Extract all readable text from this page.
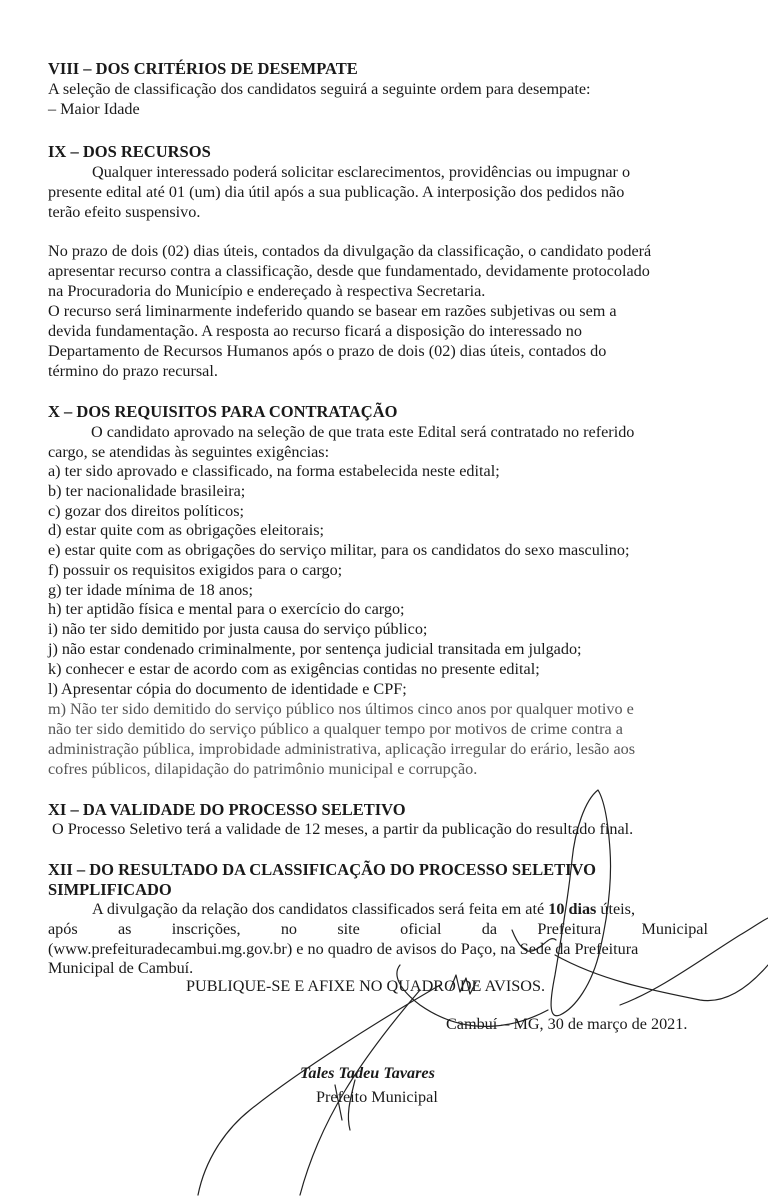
VIII – DOS CRITÉRIOS DE DESEMPATE
A seleção de classificação dos candidatos seguirá a seguinte ordem para desempate:
– Maior Idade
IX – DOS RECURSOS
Qualquer interessado poderá solicitar esclarecimentos, providências ou impugnar o
presente edital até 01 (um) dia útil após a sua publicação. A interposição dos pedidos não
terão efeito suspensivo.
No prazo de dois (02) dias úteis, contados da divulgação da classificação, o candidato poderá
apresentar recurso contra a classificação, desde que fundamentado, devidamente protocolado
na Procuradoria do Município e endereçado à respectiva Secretaria.
O recurso será liminarmente indeferido quando se basear em razões subjetivas ou sem a
devida fundamentação. A resposta ao recurso ficará a disposição do interessado no
Departamento de Recursos Humanos após o prazo de dois (02) dias úteis, contados do
término do prazo recursal.
X – DOS REQUISITOS PARA CONTRATAÇÃO
O candidato aprovado na seleção de que trata este Edital será contratado no referido
cargo, se atendidas às seguintes exigências:
a) ter sido aprovado e classificado, na forma estabelecida neste edital;
b) ter nacionalidade brasileira;
c) gozar dos direitos políticos;
d) estar quite com as obrigações eleitorais;
e) estar quite com as obrigações do serviço militar, para os candidatos do sexo masculino;
f) possuir os requisitos exigidos para o cargo;
g) ter idade mínima de 18 anos;
h) ter aptidão física e mental para o exercício do cargo;
i) não ter sido demitido por justa causa do serviço público;
j) não estar condenado criminalmente, por sentença judicial transitada em julgado;
k) conhecer e estar de acordo com as exigências contidas no presente edital;
l) Apresentar cópia do documento de identidade e CPF;
m) Não ter sido demitido do serviço público nos últimos cinco anos por qualquer motivo e
não ter sido demitido do serviço público a qualquer tempo por motivos de crime contra a
administração pública, improbidade administrativa, aplicação irregular do erário, lesão aos
cofres públicos, dilapidação do patrimônio municipal e corrupção.
XI – DA VALIDADE DO PROCESSO SELETIVO
O Processo Seletivo terá a validade de 12 meses, a partir da publicação do resultado final.
XII – DO RESULTADO DA CLASSIFICAÇÃO DO PROCESSO SELETIVO
SIMPLIFICADO
A divulgação da relação dos candidatos classificados será feita em até 10 dias úteis,
após as inscrições, no site oficial da Prefeitura Municipal
(www.prefeituradecambui.mg.gov.br) e no quadro de avisos do Paço, na Sede da Prefeitura
Municipal de Cambuí.
PUBLIQUE-SE E AFIXE NO QUADRO DE AVISOS.
Cambuí – MG, 30 de março de 2021.
Tales Tadeu Tavares
Prefeito Municipal
